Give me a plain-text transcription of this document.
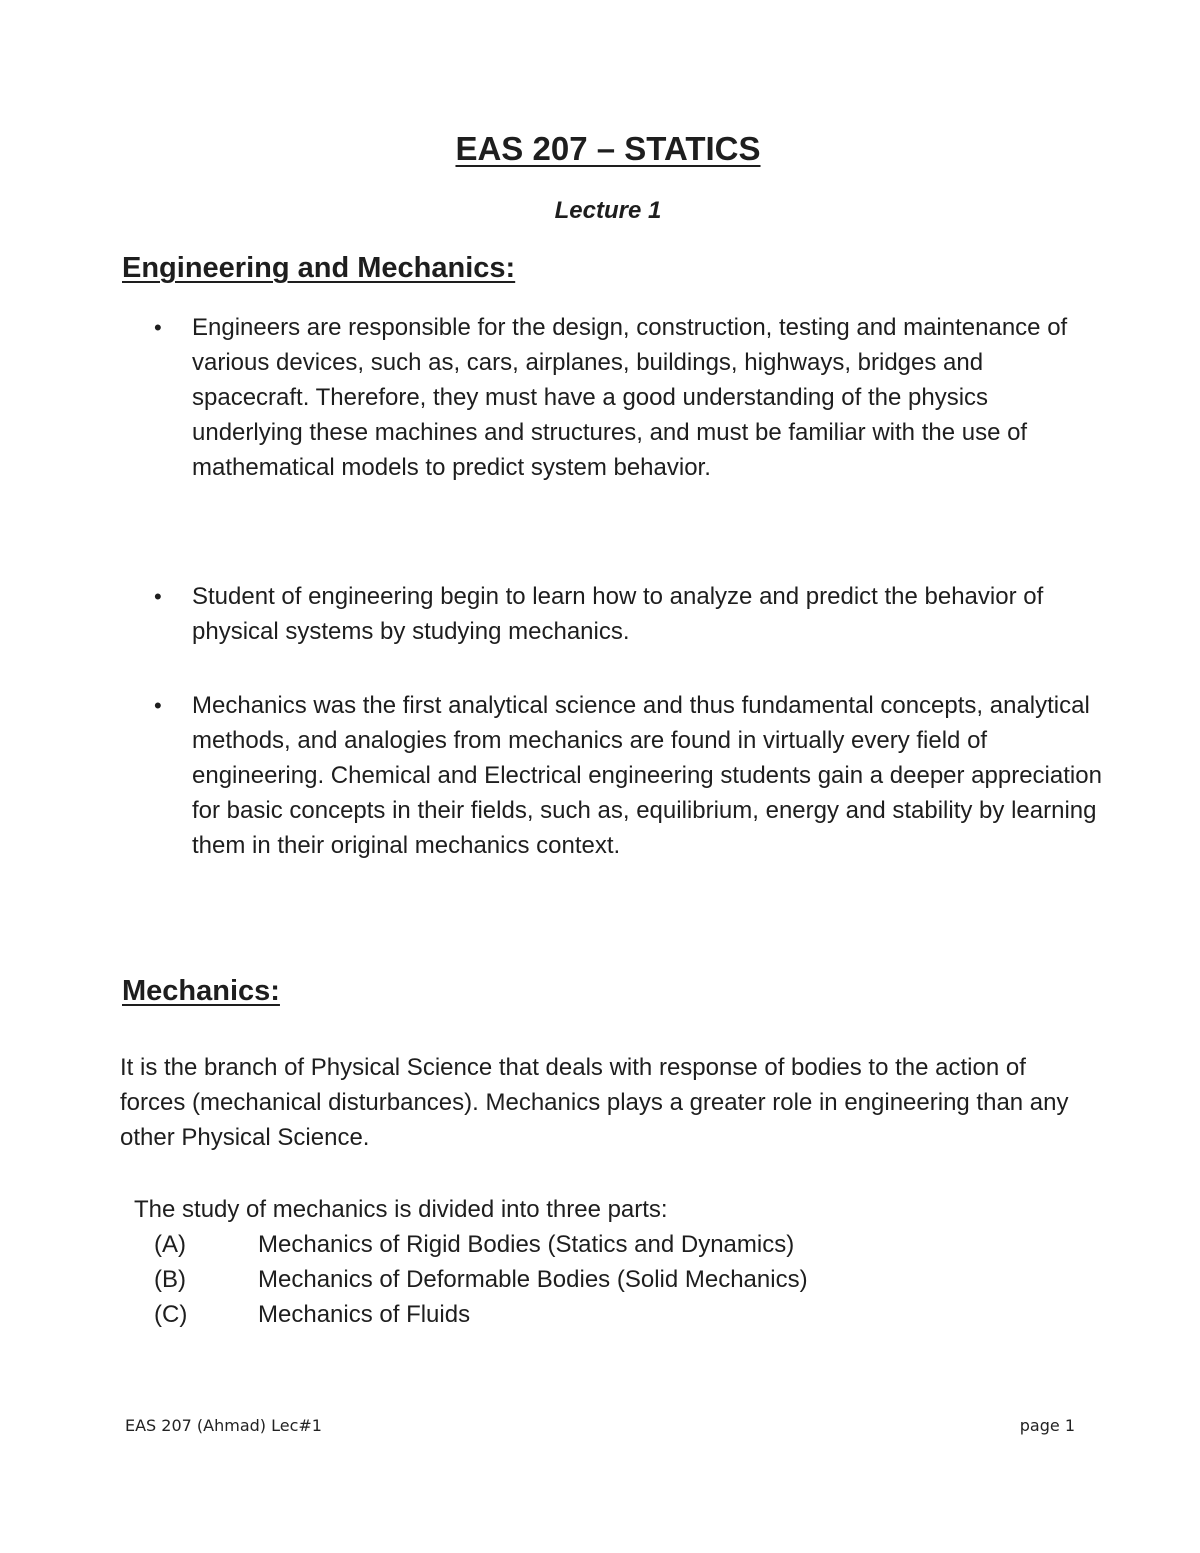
EAS 207 – STATICS
Lecture 1
Engineering and Mechanics:
• Engineers are responsible for the design, construction, testing and maintenance of various devices, such as, cars, airplanes, buildings, highways, bridges and spacecraft. Therefore, they must have a good understanding of the physics underlying these machines and structures, and must be familiar with the use of mathematical models to predict system behavior.
• Student of engineering begin to learn how to analyze and predict the behavior of physical systems by studying mechanics.
• Mechanics was the first analytical science and thus fundamental concepts, analytical methods, and analogies from mechanics are found in virtually every field of engineering. Chemical and Electrical engineering students gain a deeper appreciation for basic concepts in their fields, such as, equilibrium, energy and stability by learning them in their original mechanics context.
Mechanics:

It is the branch of Physical Science that deals with response of bodies to the action of forces (mechanical disturbances). Mechanics plays a greater role in engineering than any other Physical Science.

The study of mechanics is divided into three parts:

(A)	Mechanics of Rigid Bodies (Statics and Dynamics)
(B)	Mechanics of Deformable Bodies (Solid Mechanics)
(C)	Mechanics of Fluids
EAS 207 (Ahmad) Lec#1	page 1
